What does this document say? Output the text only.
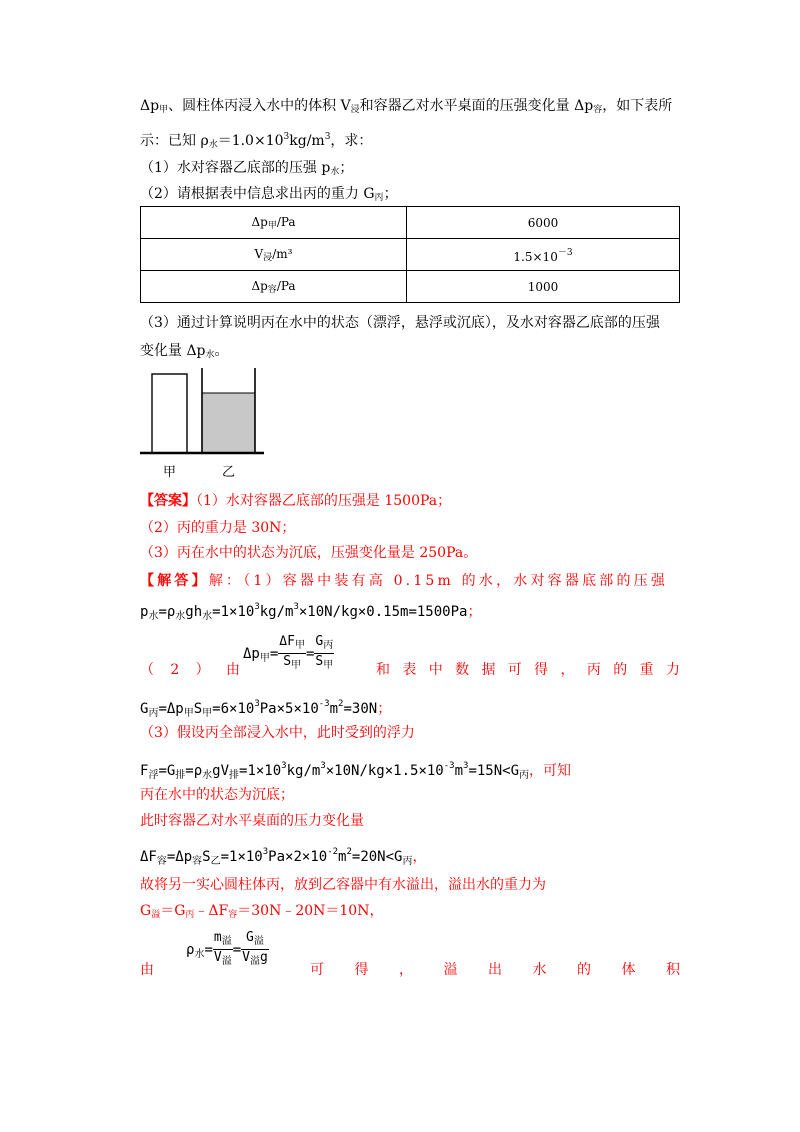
$\Delta p_甲$、圆柱体丙浸入水中的体积 $V_浸$和容器乙对水平桌面的压强变化量 $\Delta p_容$，如下表所
示：已知 $\rho_水=1.0\times 10^3kg/m^3$，求：
（1）水对容器乙底部的压强 $p_水$；
（2）请根据表中信息求出丙的重力 $G_丙$；
$\Delta p_甲/Pa$	6000
$V_浸/m^3$	$1.5\times 10^{-3}$
$\Delta p_容/Pa$	1000
（3）通过计算说明丙在水中的状态（漂浮，悬浮或沉底），及水对容器乙底部的压强
变化量 $\Delta p_水$。
甲	乙
【答案】（1）水对容器乙底部的压强是 1500Pa；
（2）丙的重力是 30N；
（3）丙在水中的状态为沉底，压强变化量是 250Pa。
【解答】解：（1）容器中装有高 0.15m 的水，水对容器底部的压强
$p_水=\rho_水gh_水=1\times 10^3kg/m^3\times 10N/kg\times 0.15m=1500Pa$；
Δp甲= $\frac{\Delta F_甲}{S_甲} = \frac{G_丙}{S_甲}$
（ 2 ） 由	和 表 中 数 据 可 得 ， 丙 的 重 力
$G_丙=\Delta p_甲S_甲=6\times 10^3Pa\times 5\times 10^{-3}m^2=30N$；
（3）假设丙全部浸入水中，此时受到的浮力
$F_浮=G_排=\rho_水gV_排=1\times 10^3kg/m^3\times 10N/kg\times 1.5\times 10^{-3}m^3=15N<G_丙$，可知
丙在水中的状态为沉底；
此时容器乙对水平桌面的压力变化量
$\Delta F_容=\Delta p_容S_乙=1\times 10^3Pa\times 2\times 10^{-2}m^2=20N<G_丙$，
故将另一实心圆柱体丙，放到乙容器中有水溢出，溢出水的重力为
$G_溢=G_丙﹣\Delta F_容=30N﹣20N=10N$，
ρ水= $\frac{m_溢}{V_溢} = \frac{G_溢}{V_溢g}$
由	可 得 ， 溢 出 水 的 体 积
